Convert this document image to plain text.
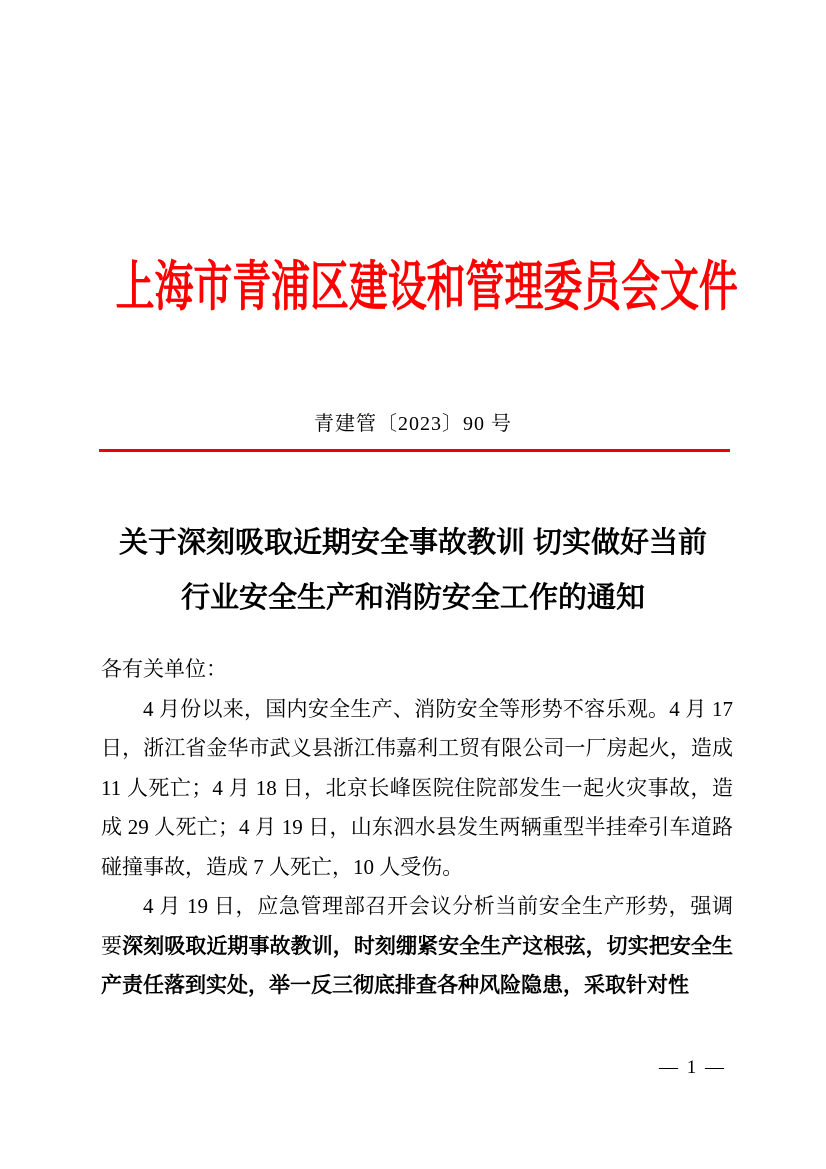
上海市青浦区建设和管理委员会文件
青建管〔2023〕90 号
关于深刻吸取近期安全事故教训 切实做好当前
行业安全生产和消防安全工作的通知

各有关单位：

4 月份以来，国内安全生产、消防安全等形势不容乐观。4 月 17 日，浙江省金华市武义县浙江伟嘉利工贸有限公司一厂房起火，造成 11 人死亡；4 月 18 日，北京长峰医院住院部发生一起火灾事故，造成 29 人死亡；4 月 19 日，山东泗水县发生两辆重型半挂牵引车道路碰撞事故，造成 7 人死亡，10 人受伤。

4 月 19 日，应急管理部召开会议分析当前安全生产形势，强调要深刻吸取近期事故教训，时刻绷紧安全生产这根弦，切实把安全生产责任落到实处，举一反三彻底排查各种风险隐患，采取针对性

— 1 —
